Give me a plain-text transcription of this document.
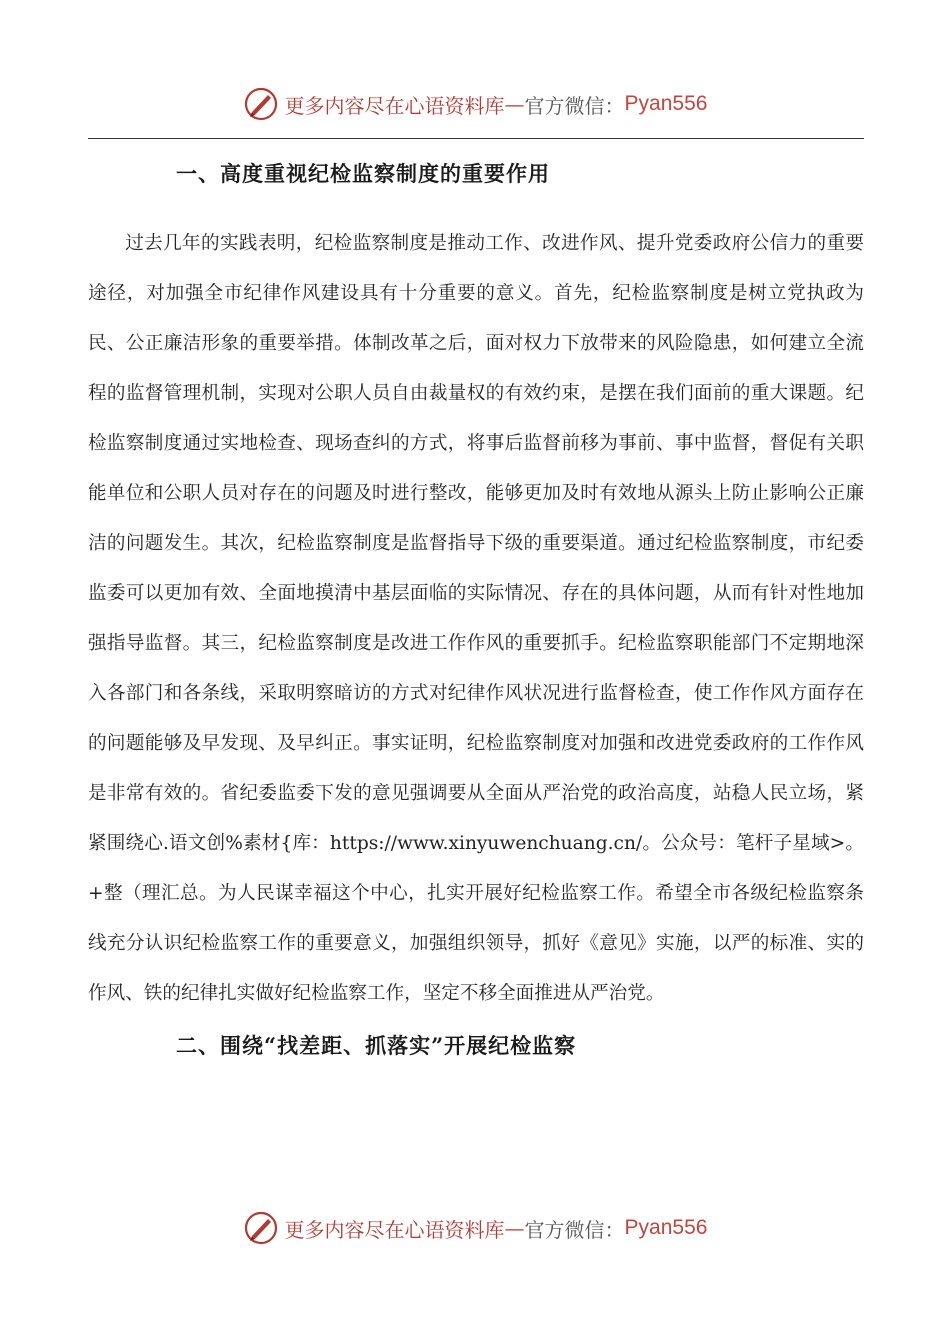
更多内容尽在心语资料库 — 官方微信： Pyan556
一、高度重视纪检监察制度的重要作用

过去几年的实践表明，纪检监察制度是推动工作、改进作风、提升党委政府公信力的重要途径，对加强全市纪律作风建设具有十分重要的意义。首先，纪检监察制度是树立党执政为民、公正廉洁形象的重要举措。体制改革之后，面对权力下放带来的风险隐患，如何建立全流程的监督管理机制，实现对公职人员自由裁量权的有效约束，是摆在我们面前的重大课题。纪检监察制度通过实地检查、现场查纠的方式，将事后监督前移为事前、事中监督，督促有关职能单位和公职人员对存在的问题及时进行整改，能够更加及时有效地从源头上防止影响公正廉洁的问题发生。其次，纪检监察制度是监督指导下级的重要渠道。通过纪检监察制度，市纪委监委可以更加有效、全面地摸清中基层面临的实际情况、存在的具体问题，从而有针对性地加强指导监督。其三，纪检监察制度是改进工作作风的重要抓手。纪检监察职能部门不定期地深入各部门和各条线，采取明察暗访的方式对纪律作风状况进行监督检查，使工作作风方面存在的问题能够及早发现、及早纠正。事实证明，纪检监察制度对加强和改进党委政府的工作作风是非常有效的。省纪委监委下发的意见强调要从全面从严治党的政治高度，站稳人民立场，紧紧围绕心.语文创%素材{库：https://www.xinyuwenchuang.cn/。公众号：笔杆子星域>。+整（理汇总。为人民谋幸福这个中心，扎实开展好纪检监察工作。希望全市各级纪检监察条线充分认识纪检监察工作的重要意义，加强组织领导，抓好《意见》实施，以严的标准、实的作风、铁的纪律扎实做好纪检监察工作，坚定不移全面推进从严治党。

二、围绕“找差距、抓落实”开展纪检监察
更多内容尽在心语资料库 — 官方微信： Pyan556
